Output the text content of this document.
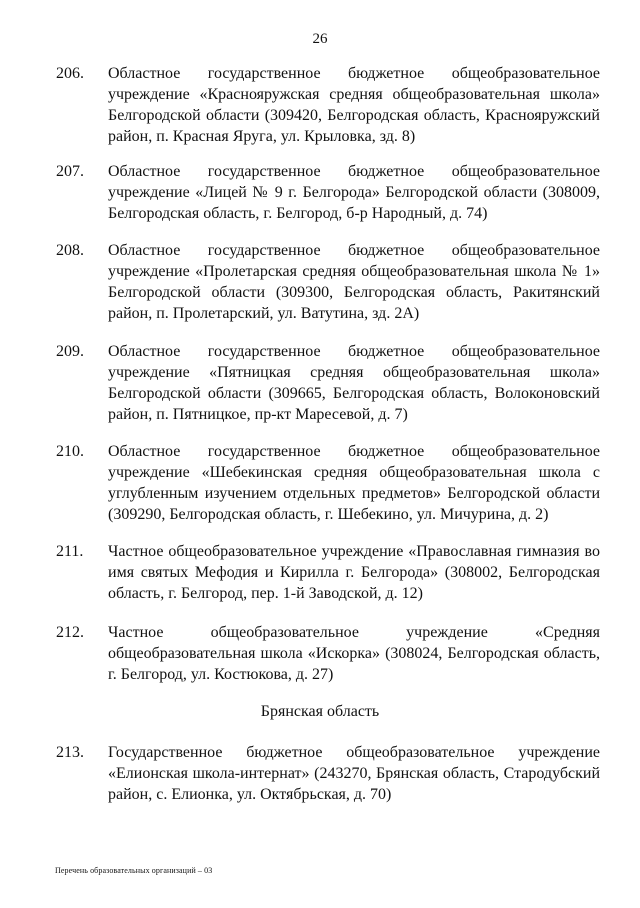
26
206. Областное государственное бюджетное общеобразовательное учреждение «Краснояружская средняя общеобразовательная школа» Белгородской области (309420, Белгородская область, Краснояружский район, п. Красная Яруга, ул. Крыловка, зд. 8)
207. Областное государственное бюджетное общеобразовательное учреждение «Лицей № 9 г. Белгорода» Белгородской области (308009, Белгородская область, г. Белгород, б-р Народный, д. 74)
208. Областное государственное бюджетное общеобразовательное учреждение «Пролетарская средняя общеобразовательная школа № 1» Белгородской области (309300, Белгородская область, Ракитянский район, п. Пролетарский, ул. Ватутина, зд. 2А)
209. Областное государственное бюджетное общеобразовательное учреждение «Пятницкая средняя общеобразовательная школа» Белгородской области (309665, Белгородская область, Волоконовский район, п. Пятницкое, пр-кт Маресевой, д. 7)
210. Областное государственное бюджетное общеобразовательное учреждение «Шебекинская средняя общеобразовательная школа с углубленным изучением отдельных предметов» Белгородской области (309290, Белгородская область, г. Шебекино, ул. Мичурина, д. 2)
211. Частное общеобразовательное учреждение «Православная гимназия во имя святых Мефодия и Кирилла г. Белгорода» (308002, Белгородская область, г. Белгород, пер. 1-й Заводской, д. 12)
212. Частное общеобразовательное учреждение «Средняя общеобразовательная школа «Искорка» (308024, Белгородская область, г. Белгород, ул. Костюкова, д. 27)
Брянская область
213. Государственное бюджетное общеобразовательное учреждение «Елионская школа-интернат» (243270, Брянская область, Стародубский район, с. Елионка, ул. Октябрьская, д. 70)
Перечень образовательных организаций – 03
